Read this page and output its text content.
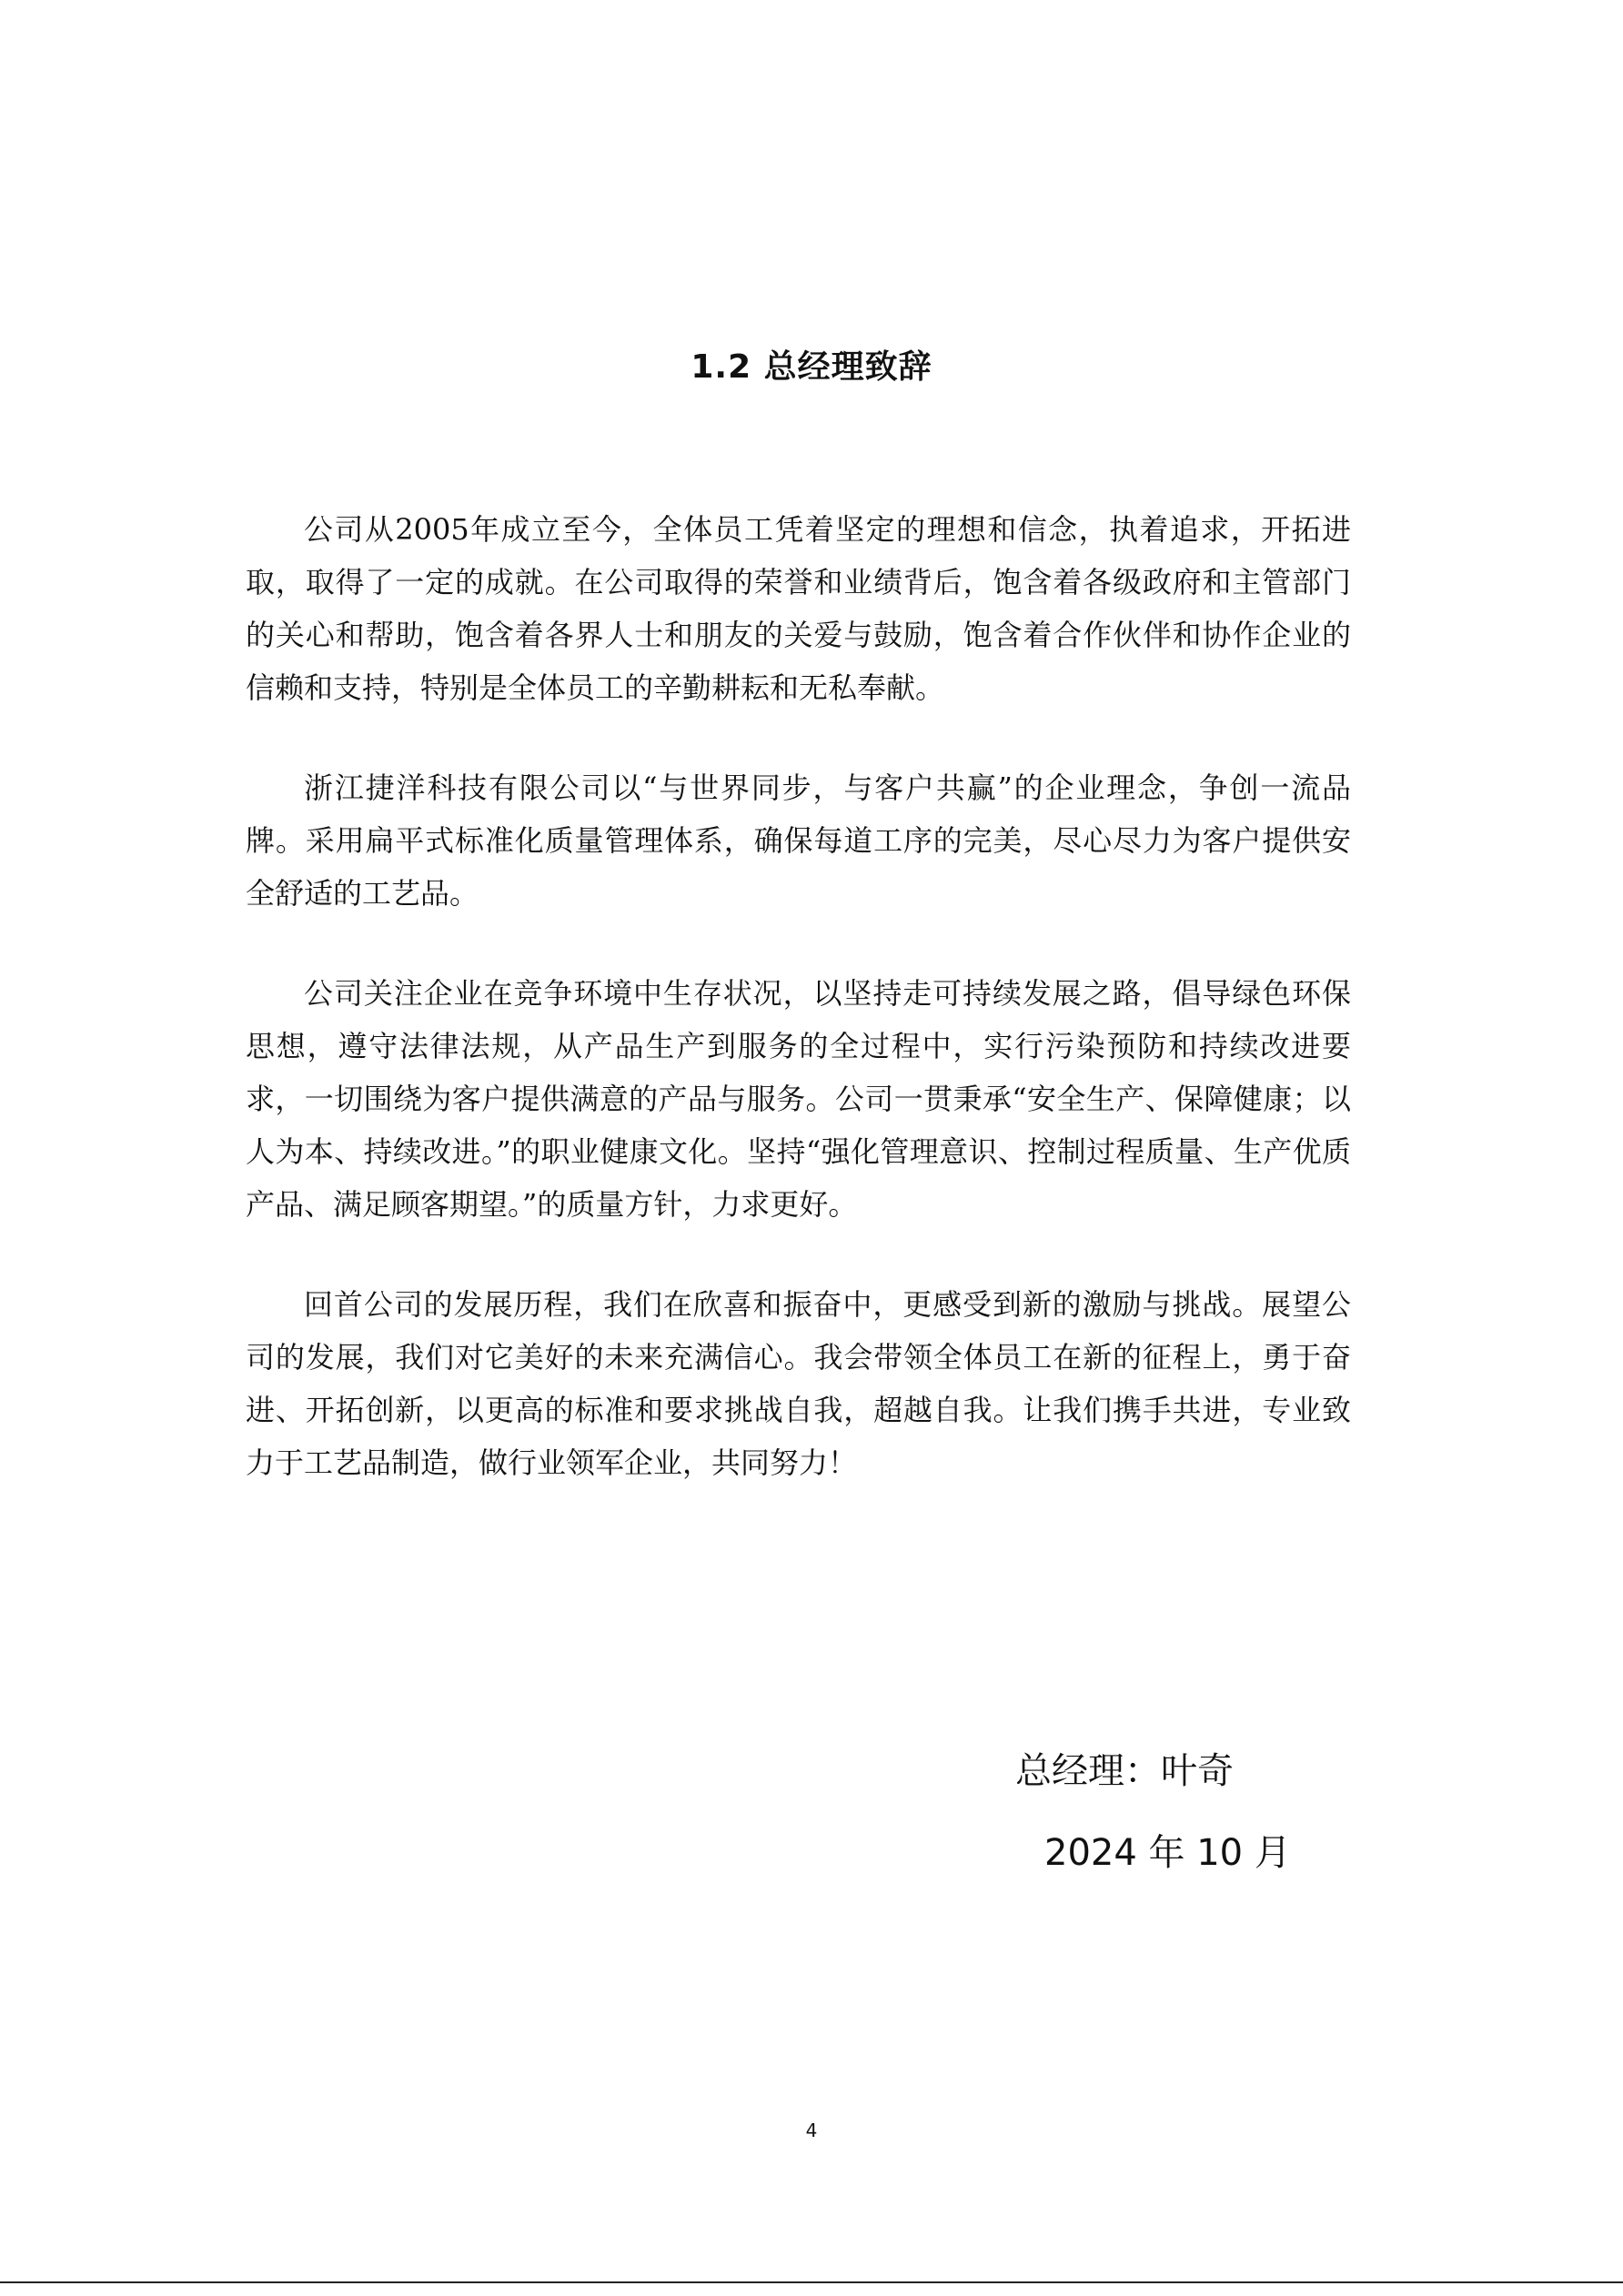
1.2 总经理致辞

公司从2005年成立至今，全体员工凭着坚定的理想和信念，执着追求，开拓进取，取得了一定的成就。在公司取得的荣誉和业绩背后，饱含着各级政府和主管部门的关心和帮助，饱含着各界人士和朋友的关爱与鼓励，饱含着合作伙伴和协作企业的信赖和支持，特别是全体员工的辛勤耕耘和无私奉献。

浙江捷洋科技有限公司以“与世界同步，与客户共赢”的企业理念，争创一流品牌。采用扁平式标准化质量管理体系，确保每道工序的完美，尽心尽力为客户提供安全舒适的工艺品。

公司关注企业在竞争环境中生存状况，以坚持走可持续发展之路，倡导绿色环保思想，遵守法律法规，从产品生产到服务的全过程中，实行污染预防和持续改进要求，一切围绕为客户提供满意的产品与服务。公司一贯秉承“安全生产、保障健康；以人为本、持续改进。”的职业健康文化。坚持“强化管理意识、控制过程质量、生产优质产品、满足顾客期望。”的质量方针，力求更好。

回首公司的发展历程，我们在欣喜和振奋中，更感受到新的激励与挑战。展望公司的发展，我们对它美好的未来充满信心。我会带领全体员工在新的征程上，勇于奋进、开拓创新，以更高的标准和要求挑战自我，超越自我。让我们携手共进，专业致力于工艺品制造，做行业领军企业，共同努力！

总经理：叶奇

2024 年 10 月

4
